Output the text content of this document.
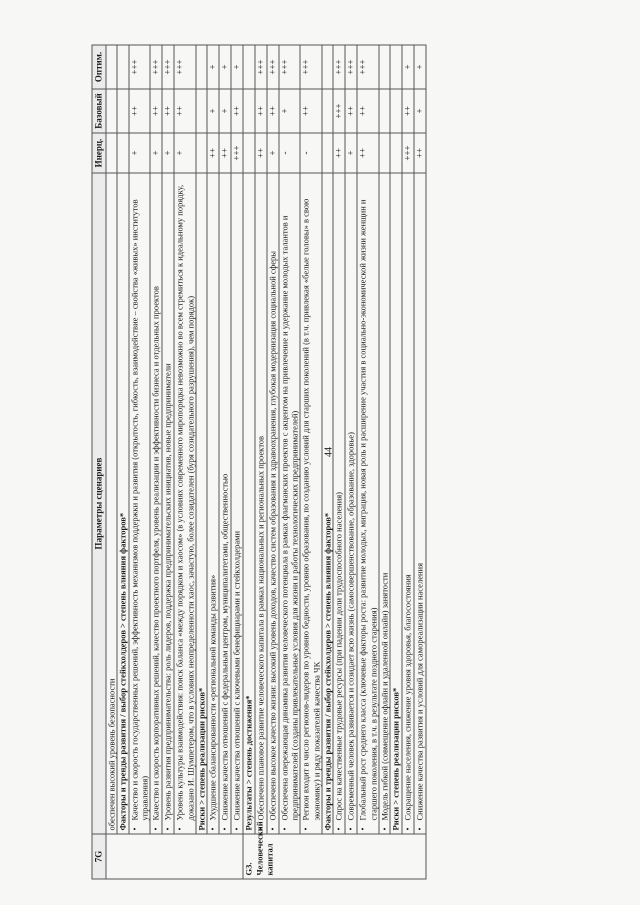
44
7G	Параметры сценариев	Инерц.	Базовый	Оптим.
	обеспечен высокий уровень безопасности			
	Факторы и тренды развития / выбор стейкхолдеров > степень влияния факторов*			
	• Качество и скорость государственных решений, эффективность механизмов поддержки и развития (открытость, гибкость, взаимодействие – свойства «живых» институтов управления)	+	++	+++
	• Качество и скорость корпоративных решений, качество проектного портфеля, уровень реализации и эффективности бизнеса и отдельных проектов	+	++	+++
	• Уровень развития предпринимательства: роль лидеров, поддержка предпринимательских инициатив, новые предприниматели	+	++	+++
	• Уровень культуры взаимодействия: поиск баланса «между порядком и хаосом» (в условиях современного миропорядка невозможно во всем стремиться к идеальному порядку, доказано И. Шумпетером, что в условиях неопределенности хаос, зачастую, более созидателен (буря созидательного разрушения), чем порядок)	+	++	+++
	Риски > степень реализации рисков*			
	• Ухудшение сбалансированности «региональной команды развития»	++	+	+
	• Снижение качества отношений с федеральным центром, муниципалитетами, общественностью	++	+	+
	• Снижение качества отношений с ключевыми бенефициарами и стейкхолдерами	+++	++	+
G3. Человеческий капитал	Результаты > степень достижения*			
	• Обеспечено плановое развитие человеческого капитала в рамках национальных и региональных проектов	++	++	+++
	• Обеспечено высокое качество жизни: высокий уровень доходов, качество систем образования и здравоохранения, глубокая модернизация социальной сферы	+	++	+++
	• Обеспечена опережающая динамика развития человеческого потенциала в рамках флагманских проектов с акцентом на привлечение и удержание молодых талантов и предпринимателей (созданы привлекательные условия для жизни и работы технологических предпринимателей)	-	+	+++
	• Регион входит в число регионов-лидеров по уровню бедности, уровню образования, по созданию условий для старших поколений (в т.ч. привлекая «белые головы» в свою экономику) и ряду показателей качества ЧК	-	++	+++
	Факторы и тренды развития / выбор стейкхолдеров > степень влияния факторов*			
	• Спрос на качественные трудовые ресурсы (при падении доли трудоспособного населения)	++	+++	+++
	• Современный человек развивается и созидает всю жизнь (самосовершенствование, образование, здоровье)	+	++	+++
	• Глобальный рост среднего класса (ключевые факторы роста: развитие молодых, миграция, новая роль и расширение участия в социально-экономической жизни женщин и старшего поколения, в т.ч. в результате позднего старения)	++	++	+++
	• Модель гибкой (совмещение офлайн и удаленной онлайн) занятости			
	Риски > степень реализации рисков*			
	• Сокращение населения, снижение уровня здоровья, благосостояния	+++	++	+
	• Снижение качества развития и условий для самореализации населения	++	+	+
